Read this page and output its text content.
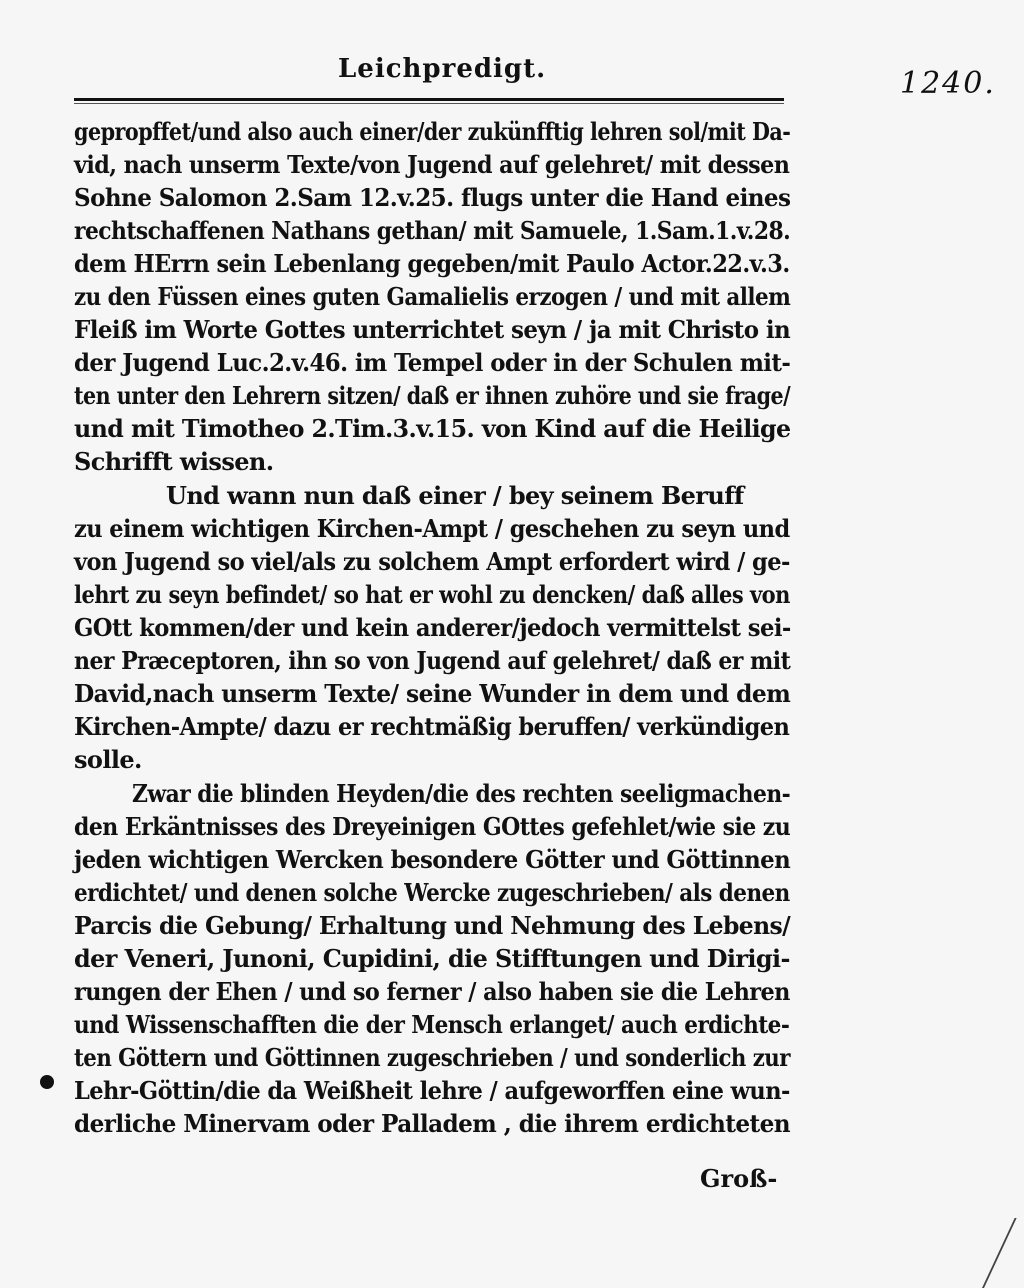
Leichpredigt.	1240.
gepropffet/und also auch einer/der zukünfftig lehren sol/mit Da-
vid, nach unserm Texte/von Jugend auf gelehret/ mit dessen
Sohne Salomon 2.Sam 12.v.25. flugs unter die Hand eines
rechtschaffenen Nathans gethan/ mit Samuele, 1.Sam.1.v.28.
dem HErrn sein Lebenlang gegeben/mit Paulo Actor.22.v.3.
zu den Füssen eines guten Gamalielis erzogen / und mit allem
Fleiß im Worte Gottes unterrichtet seyn / ja mit Christo in
der Jugend Luc.2.v.46. im Tempel oder in der Schulen mit-
ten unter den Lehrern sitzen/ daß er ihnen zuhöre und sie frage/
und mit Timotheo 2.Tim.3.v.15. von Kind auf die Heilige
Schrifft wissen.
Und wann nun daß einer / bey seinem Beruff
zu einem wichtigen Kirchen-Ampt / geschehen zu seyn und
von Jugend so viel/als zu solchem Ampt erfordert wird / ge-
lehrt zu seyn befindet/ so hat er wohl zu dencken/ daß alles von
GOtt kommen/der und kein anderer/jedoch vermittelst sei-
ner Præceptoren, ihn so von Jugend auf gelehret/ daß er mit
David,nach unserm Texte/ seine Wunder in dem und dem
Kirchen-Ampte/ dazu er rechtmäßig beruffen/ verkündigen
solle.
Zwar die blinden Heyden/die des rechten seeligmachen-
den Erkäntnisses des Dreyeinigen GOttes gefehlet/wie sie zu
jeden wichtigen Wercken besondere Götter und Göttinnen
erdichtet/ und denen solche Wercke zugeschrieben/ als denen
Parcis die Gebung/ Erhaltung und Nehmung des Lebens/
der Veneri, Junoni, Cupidini, die Stifftungen und Dirigi-
rungen der Ehen / und so ferner / also haben sie die Lehren
und Wissenschafften die der Mensch erlanget/ auch erdichte-
ten Göttern und Göttinnen zugeschrieben / und sonderlich zur
Lehr-Göttin/die da Weißheit lehre / aufgeworffen eine wun-
derliche Minervam oder Palladem , die ihrem erdichteten
Groß-
